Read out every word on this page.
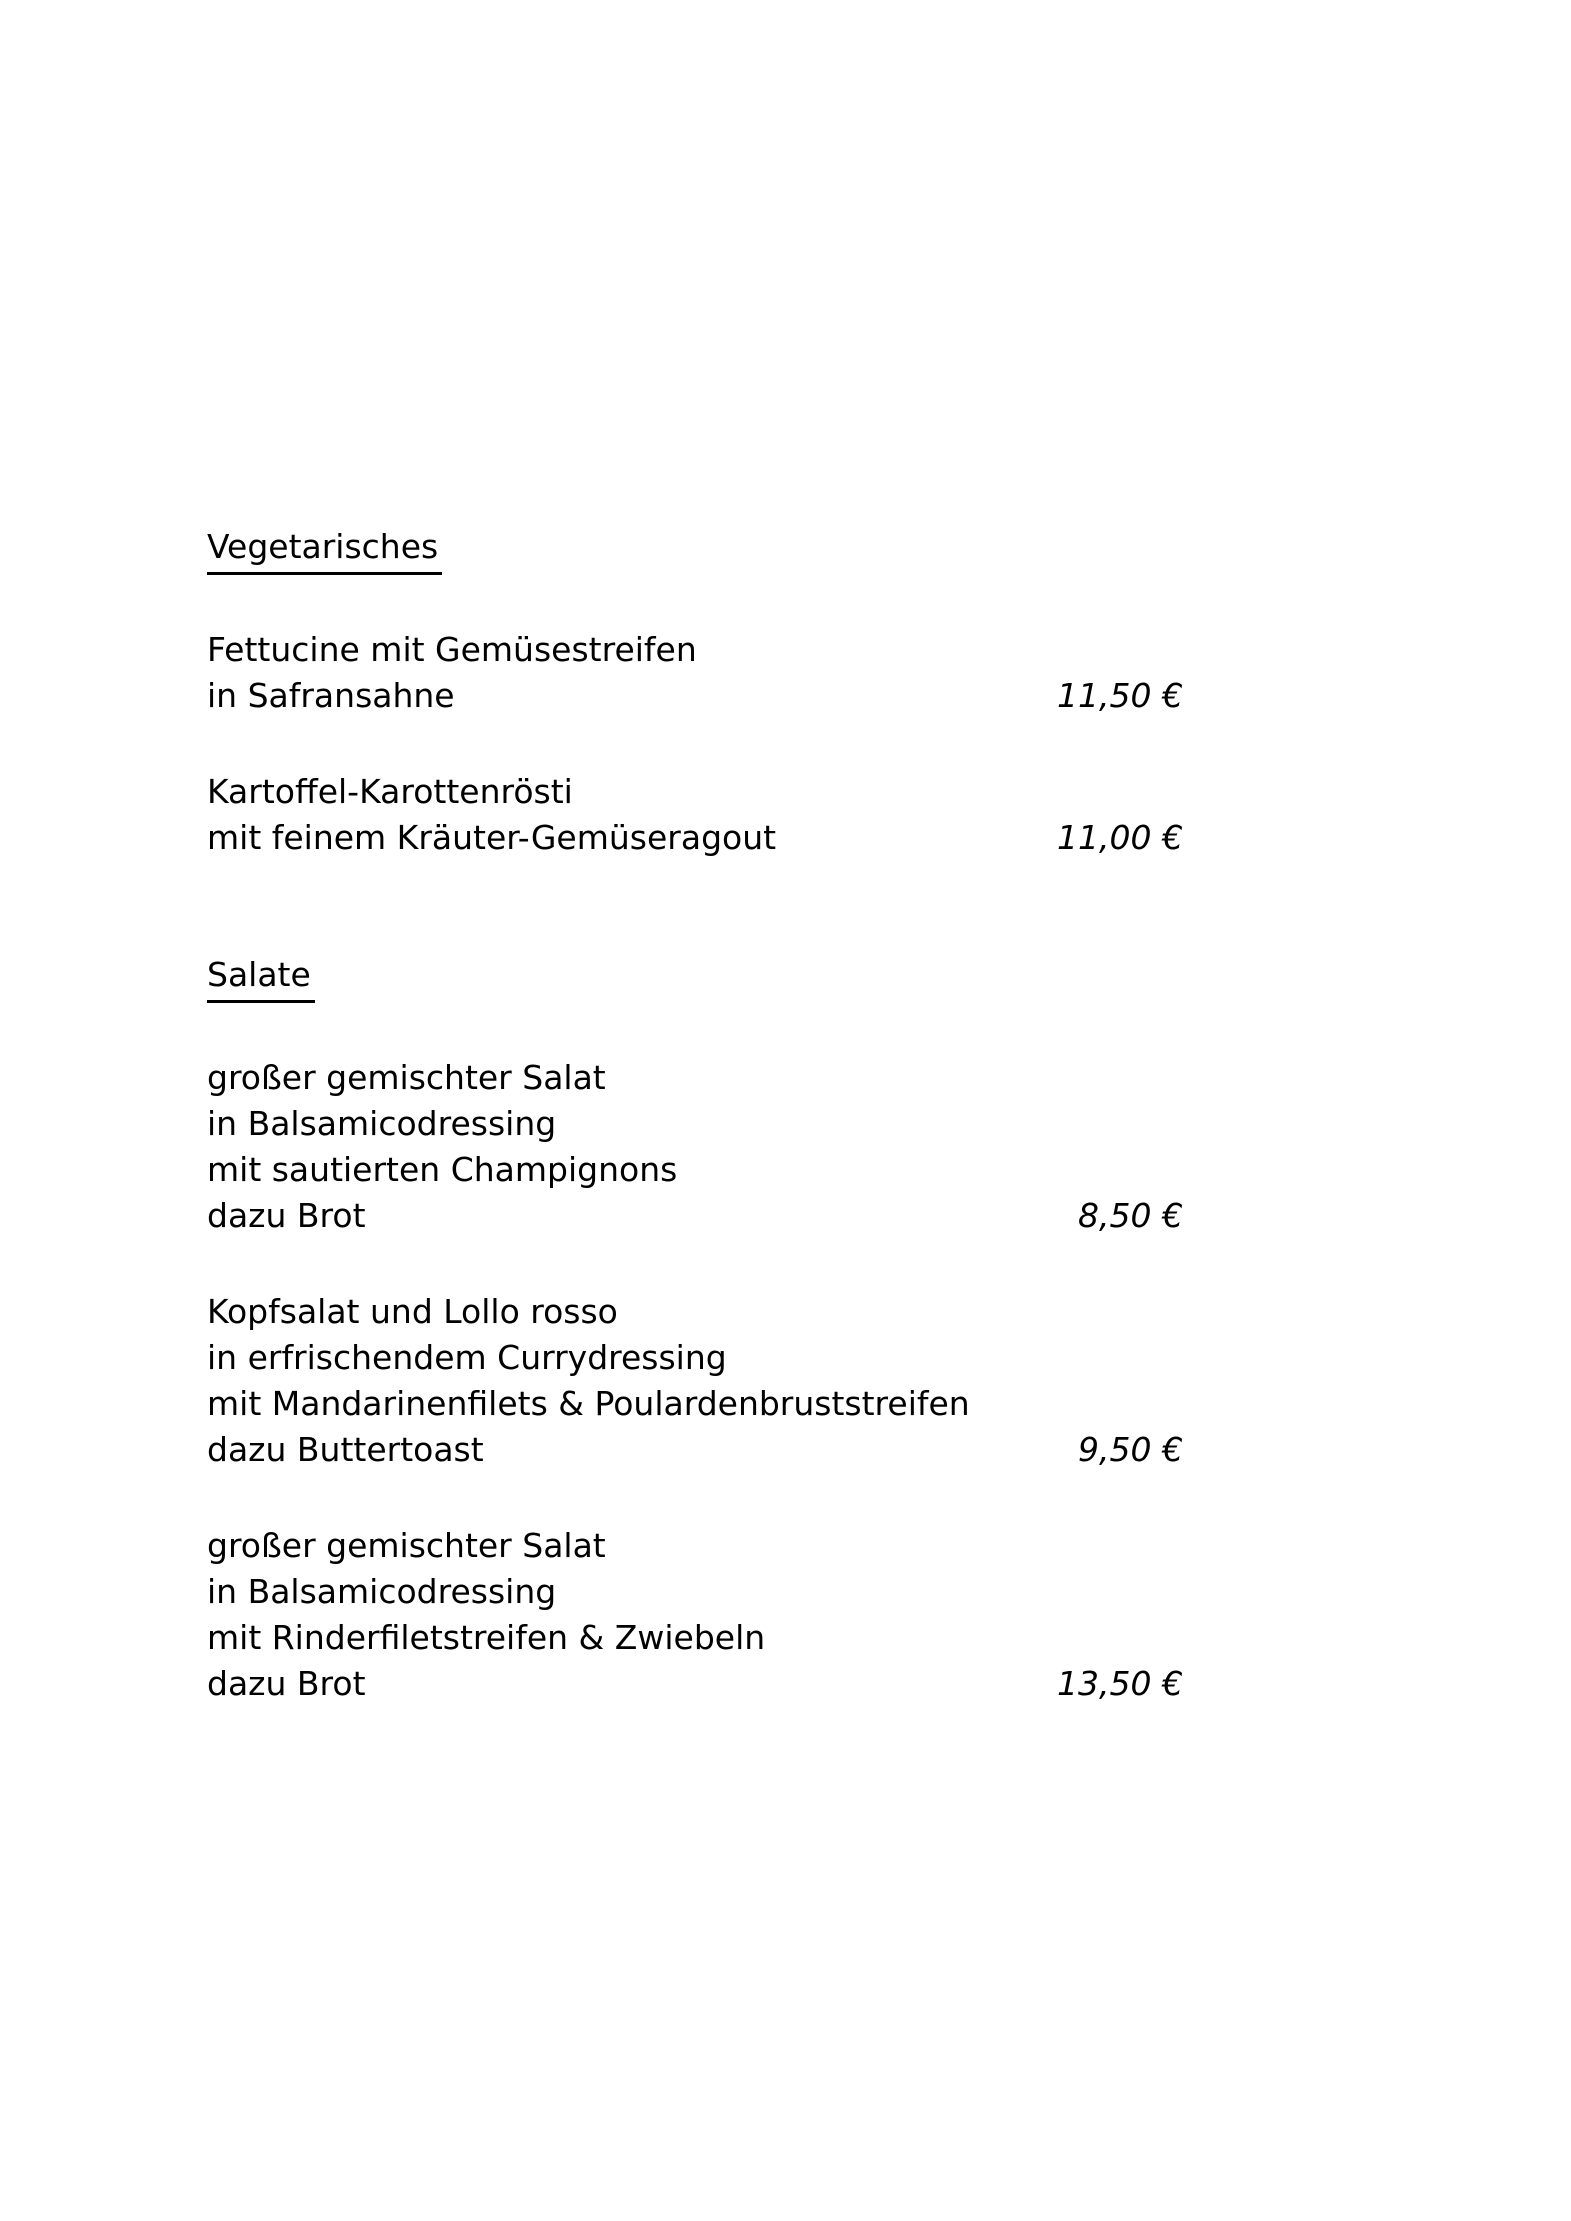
Vegetarisches
Fettucine mit Gemüsestreifen
in Safransahne	11,50 €
Kartoffel-Karottenrösti
mit feinem Kräuter-Gemüseragout	11,00 €
Salate
großer gemischter Salat
in Balsamicodressing
mit sautierten Champignons
dazu Brot	8,50 €
Kopfsalat und Lollo rosso
in erfrischendem Currydressing
mit Mandarinenfilets & Poulardenbruststreifen
dazu Buttertoast	9,50 €
großer gemischter Salat
in Balsamicodressing
mit Rinderfiletstreifen & Zwiebeln
dazu Brot	13,50 €
